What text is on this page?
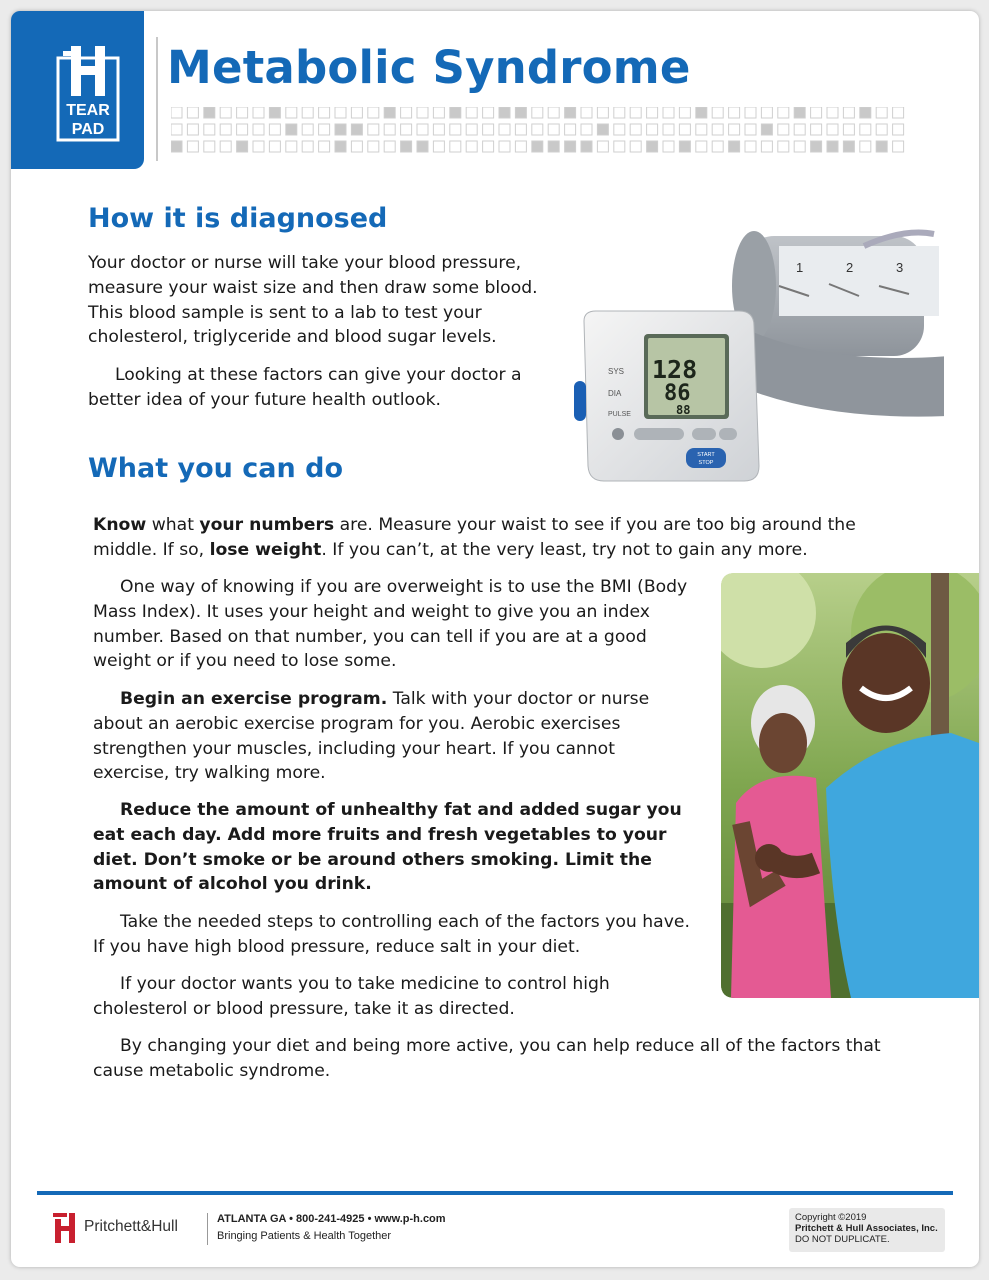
TEAR
PAD
Metabolic Syndrome
How it is diagnosed

Your doctor or nurse will take your blood pressure, measure your waist size and then draw some blood. This blood sample is sent to a lab to test your cholesterol, triglyceride and blood sugar levels.

Looking at these factors can give your doctor a better idea of your future health outlook.

1	2	3
SYS
DIA
PULSE
128
86
88
START
STOP
What you can do

Know what your numbers are. Measure your waist to see if you are too big around the middle. If so, lose weight. If you can’t, at the very least, try not to gain any more.

One way of knowing if you are overweight is to use the BMI (Body Mass Index). It uses your height and weight to give you an index number. Based on that number, you can tell if you are at a good weight or if you need to lose some.

Begin an exercise program. Talk with your doctor or nurse about an aerobic exercise program for you. Aerobic exercises strengthen your muscles, including your heart. If you cannot exercise, try walking more.

Reduce the amount of unhealthy fat and added sugar you eat each day. Add more fruits and fresh vegetables to your diet. Don’t smoke or be around others smoking. Limit the amount of alcohol you drink.

Take the needed steps to controlling each of the factors you have. If you have high blood pressure, reduce salt in your diet.

If your doctor wants you to take medicine to control high cholesterol or blood pressure, take it as directed.

By changing your diet and being more active, you can help reduce all of the factors that cause metabolic syndrome.

Pritchett&Hull	ATLANTA GA • 800-241-4925 • www.p-h.com
Bringing Patients & Health Together
Copyright ©2019
Pritchett & Hull Associates, Inc.
DO NOT DUPLICATE.
